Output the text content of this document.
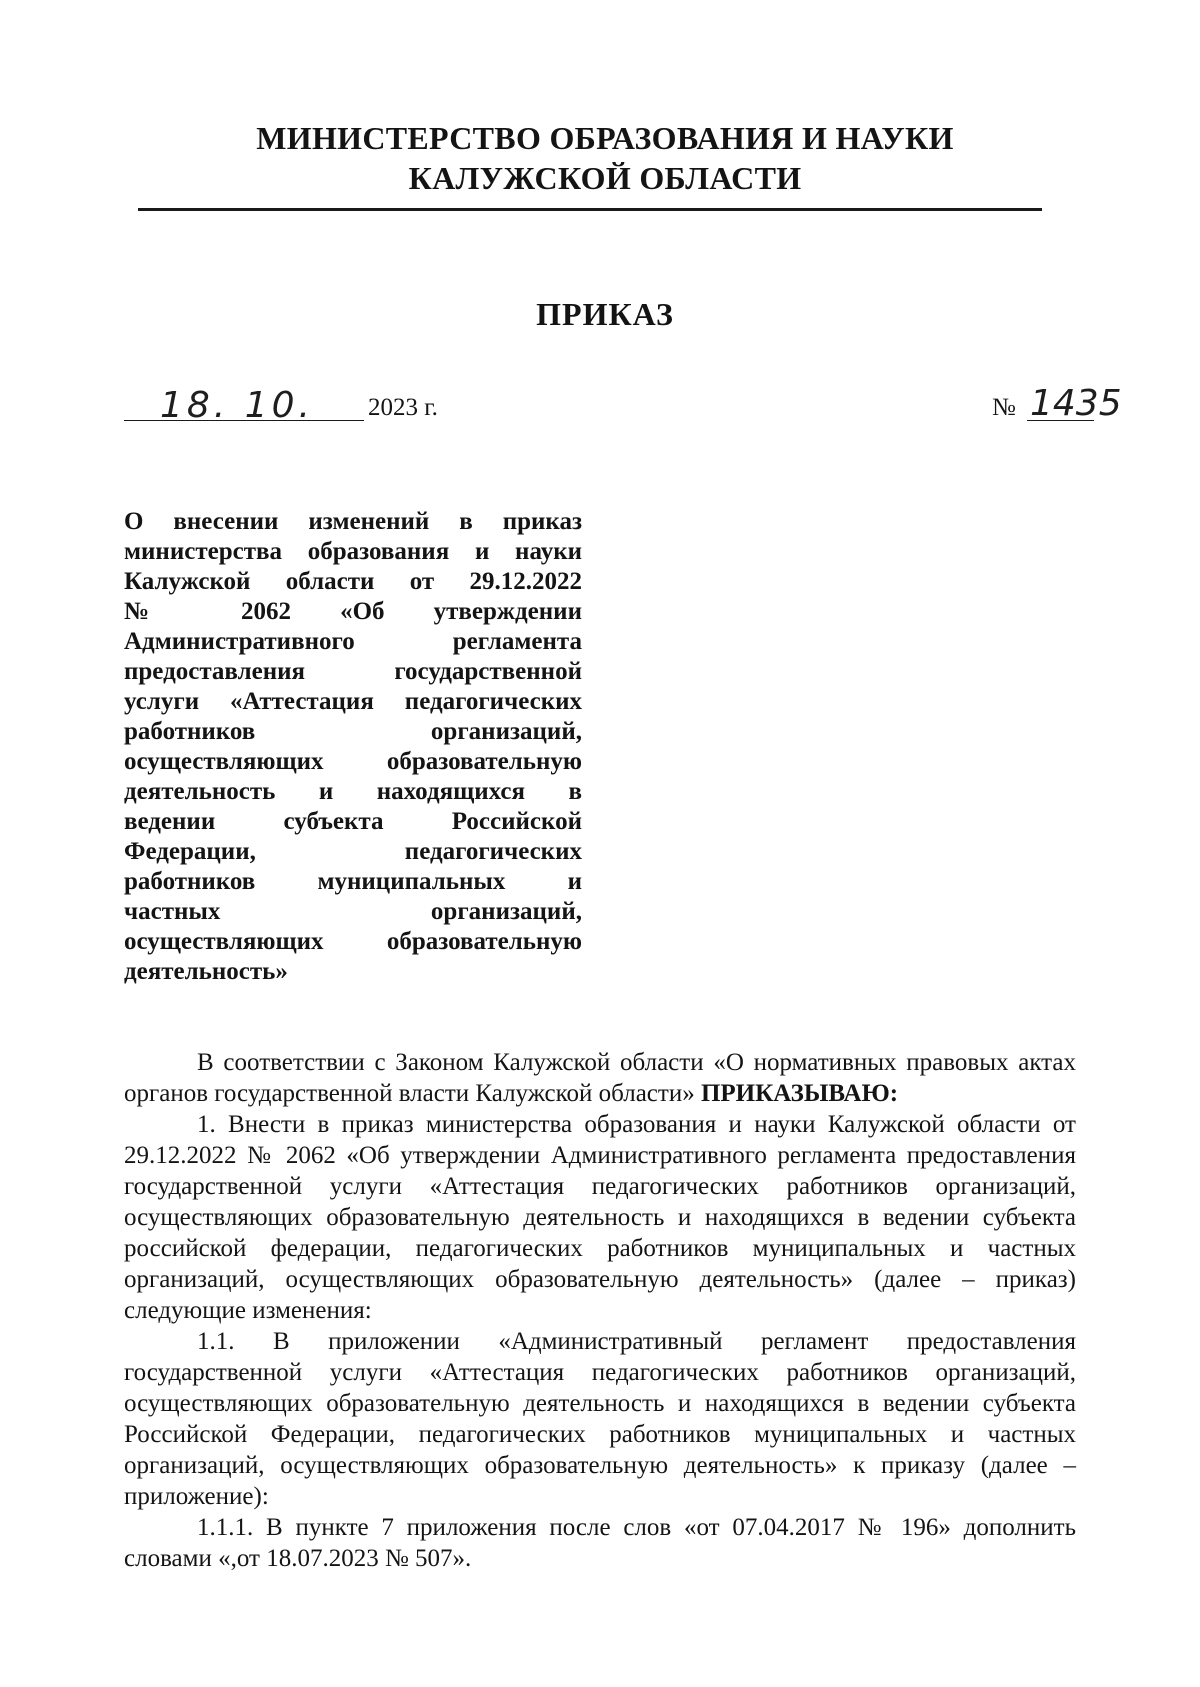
МИНИСТЕРСТВО ОБРАЗОВАНИЯ И НАУКИ
КАЛУЖСКОЙ ОБЛАСТИ
ПРИКАЗ
18. 10. 2023 г.	№ 1435
О внесении изменений в приказ
министерства образования и науки
Калужской области от 29.12.2022
№ 2062 «Об утверждении
Административного регламента
предоставления государственной
услуги «Аттестация педагогических
работников организаций,
осуществляющих образовательную
деятельность и находящихся в
ведении субъекта Российской
Федерации, педагогических
работников муниципальных и
частных организаций,
осуществляющих образовательную
деятельность»
В соответствии с Законом Калужской области «О нормативных правовых актах
органов государственной власти Калужской области» ПРИКАЗЫВАЮ:
1. Внести в приказ министерства образования и науки Калужской области от
29.12.2022 № 2062 «Об утверждении Административного регламента предоставления
государственной услуги «Аттестация педагогических работников организаций,
осуществляющих образовательную деятельность и находящихся в ведении субъекта
российской федерации, педагогических работников муниципальных и частных
организаций, осуществляющих образовательную деятельность» (далее – приказ)
следующие изменения:
1.1. В приложении «Административный регламент предоставления
государственной услуги «Аттестация педагогических работников организаций,
осуществляющих образовательную деятельность и находящихся в ведении субъекта
Российской Федерации, педагогических работников муниципальных и частных
организаций, осуществляющих образовательную деятельность» к приказу (далее –
приложение):
1.1.1. В пункте 7 приложения после слов «от 07.04.2017 № 196» дополнить
словами «,от 18.07.2023 № 507».
